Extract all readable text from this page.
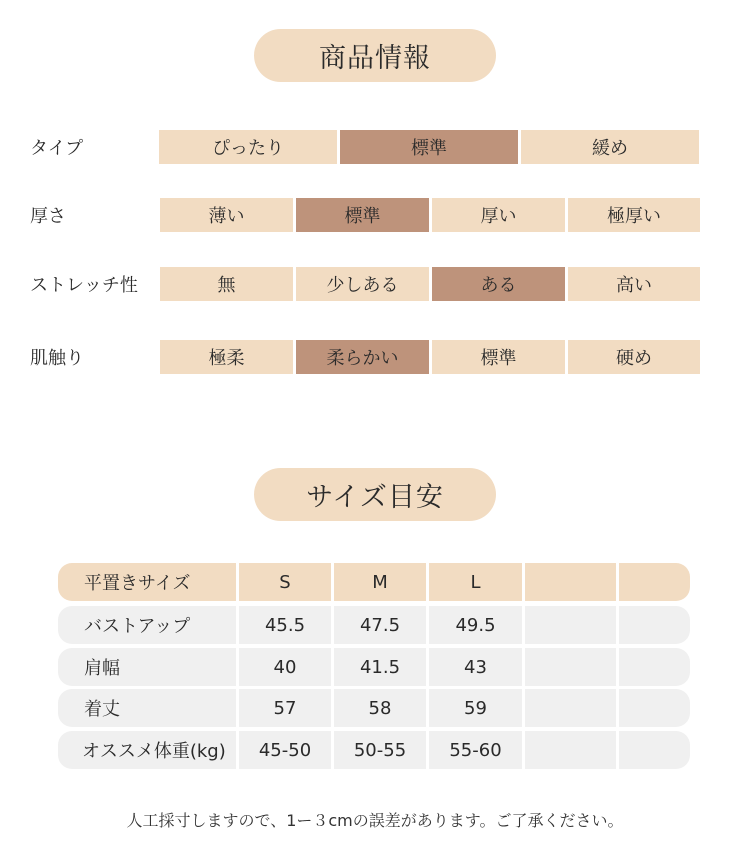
商品情報
タイプ	ぴったり	標準	緩め
厚さ	薄い	標準	厚い	極厚い
ストレッチ性	無	少しある	ある	高い
肌触り	極柔	柔らかい	標準	硬め
サイズ目安
平置きサイズ	S	M	L
バストアップ	45.5	47.5	49.5
肩幅	40	41.5	43
着丈	57	58	59
オススメ体重(kg)	45-50	50-55	55-60
人工採寸しますので、1ー３cmの誤差があります。ご了承ください。
